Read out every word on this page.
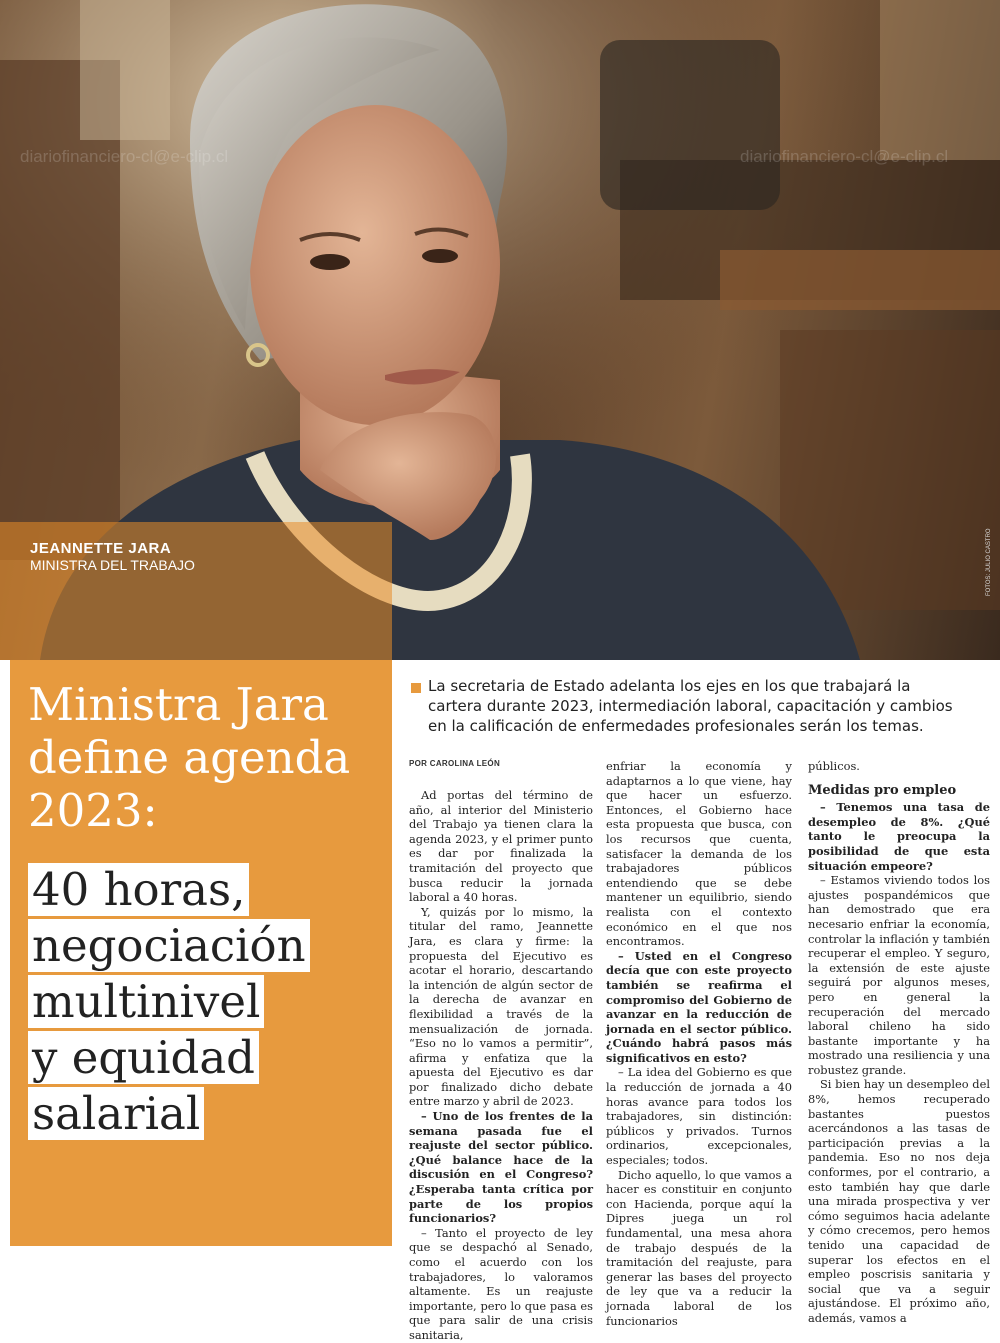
diariofinanciero-cl@e-clip.cl	diariofinanciero-cl@e-clip.cl
JEANNETTE JARA
MINISTRA DEL TRABAJO	FOTOS: JULIO CASTRO
Ministra Jara define agenda 2023:
40 horas,
negociación
multinivel
y equidad
salarial
La secretaria de Estado adelanta los ejes en los que trabajará la cartera durante 2023, intermediación laboral, capacitación y cambios en la calificación de enfermedades profesionales serán los temas.
POR CAROLINA LEÓN

Ad portas del término de año, al interior del Ministerio del Trabajo ya tienen clara la agenda 2023, y el primer punto es dar por finalizada la tramitación del proyecto que busca reducir la jornada laboral a 40 horas.

Y, quizás por lo mismo, la titular del ramo, Jeannette Jara, es clara y firme: la propuesta del Ejecutivo es acotar el horario, descartando la intención de algún sector de la derecha de avanzar en flexibilidad a través de la mensualización de jornada. “Eso no lo vamos a permitir”, afirma y enfatiza que la apuesta del Ejecutivo es dar por finalizado dicho debate entre marzo y abril de 2023.

– Uno de los frentes de la semana pasada fue el reajuste del sector público. ¿Qué balance hace de la discusión en el Congreso? ¿Esperaba tanta crítica por parte de los propios funcionarios?

– Tanto el proyecto de ley que se despachó al Senado, como el acuerdo con los trabajadores, lo valoramos altamente. Es un reajuste importante, pero lo que pasa es que para salir de una crisis sanitaria,

enfriar la economía y adaptarnos a lo que viene, hay que hacer un esfuerzo. Entonces, el Gobierno hace esta propuesta que busca, con los recursos que cuenta, satisfacer la demanda de los trabajadores públicos entendiendo que se debe mantener un equilibrio, siendo realista con el contexto económico en el que nos encontramos.

– Usted en el Congreso decía que con este proyecto también se reafirma el compromiso del Gobierno de avanzar en la reducción de jornada en el sector público. ¿Cuándo habrá pasos más significativos en esto?

– La idea del Gobierno es que la reducción de jornada a 40 horas avance para todos los trabajadores, sin distinción: públicos y privados. Turnos ordinarios, excepcionales, especiales; todos.

Dicho aquello, lo que vamos a hacer es constituir en conjunto con Hacienda, porque aquí la Dipres juega un rol fundamental, una mesa ahora de trabajo después de la tramitación del reajuste, para generar las bases del proyecto de ley que va a reducir la jornada laboral de los funcionarios

públicos.

Medidas pro empleo

– Tenemos una tasa de desempleo de 8%. ¿Qué tanto le preocupa la posibilidad de que esta situación empeore?

– Estamos viviendo todos los ajustes pospandémicos que han demostrado que era necesario enfriar la economía, controlar la inflación y también recuperar el empleo. Y seguro, la extensión de este ajuste seguirá por algunos meses, pero en general la recuperación del mercado laboral chileno ha sido bastante importante y ha mostrado una resiliencia y una robustez grande.

Si bien hay un desempleo del 8%, hemos recuperado bastantes puestos acercándonos a las tasas de participación previas a la pandemia. Eso no nos deja conformes, por el contrario, a esto también hay que darle una mirada prospectiva y ver cómo seguimos hacia adelante y cómo crecemos, pero hemos tenido una capacidad de superar los efectos en el empleo poscrisis sanitaria y social que va a seguir ajustándose. El próximo año, además, vamos a
